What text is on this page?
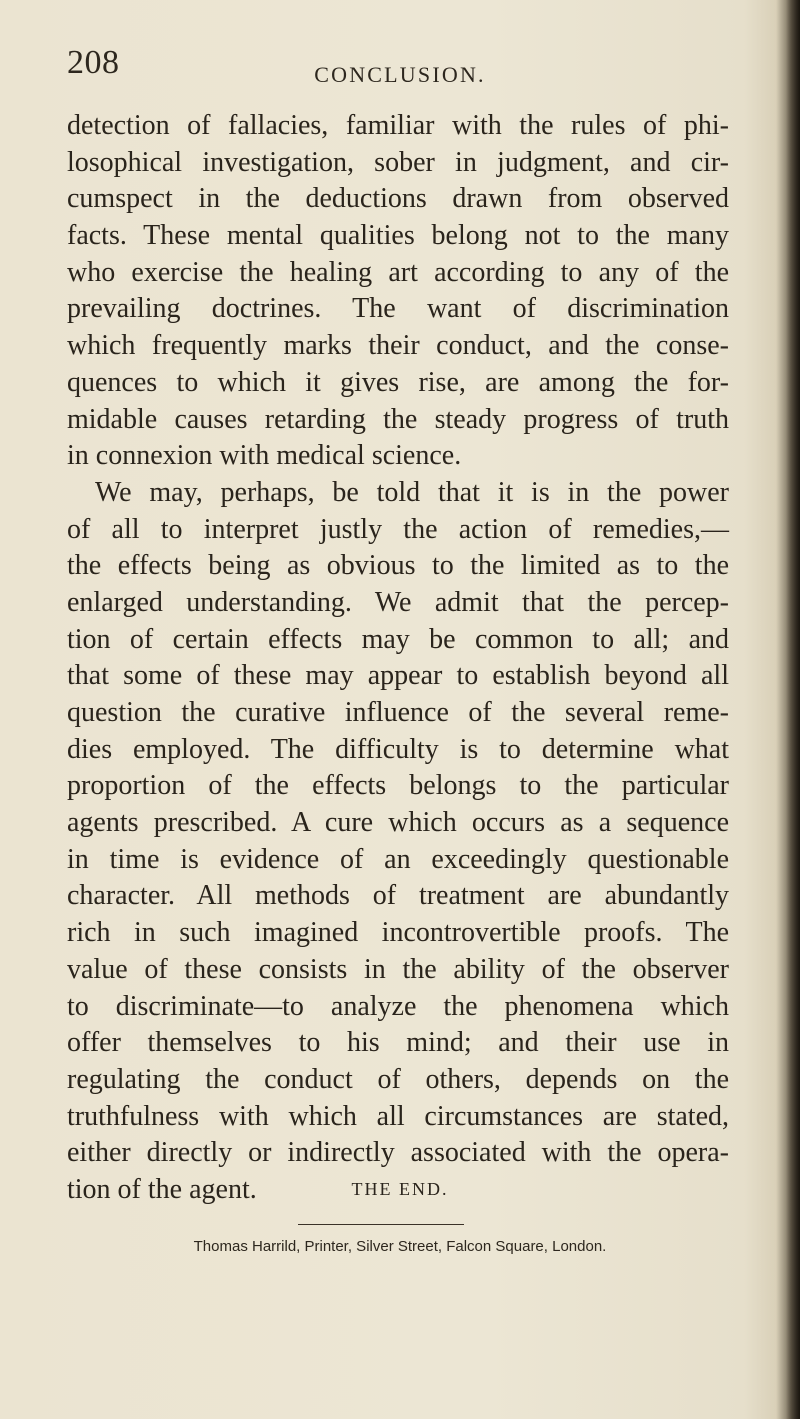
208	CONCLUSION.
detection of fallacies, familiar with the rules of phi-
losophical investigation, sober in judgment, and cir-
cumspect in the deductions drawn from observed
facts. These mental qualities belong not to the many
who exercise the healing art according to any of the
prevailing doctrines. The want of discrimination
which frequently marks their conduct, and the conse-
quences to which it gives rise, are among the for-
midable causes retarding the steady progress of truth
in connexion with medical science.
We may, perhaps, be told that it is in the power
of all to interpret justly the action of remedies,—
the effects being as obvious to the limited as to the
enlarged understanding. We admit that the percep-
tion of certain effects may be common to all; and
that some of these may appear to establish beyond all
question the curative influence of the several reme-
dies employed. The difficulty is to determine what
proportion of the effects belongs to the particular
agents prescribed. A cure which occurs as a sequence
in time is evidence of an exceedingly questionable
character. All methods of treatment are abundantly
rich in such imagined incontrovertible proofs. The
value of these consists in the ability of the observer
to discriminate—to analyze the phenomena which
offer themselves to his mind; and their use in
regulating the conduct of others, depends on the
truthfulness with which all circumstances are stated,
either directly or indirectly associated with the opera-
tion of the agent.	THE END.
Thomas Harrild, Printer, Silver Street, Falcon Square, London.
